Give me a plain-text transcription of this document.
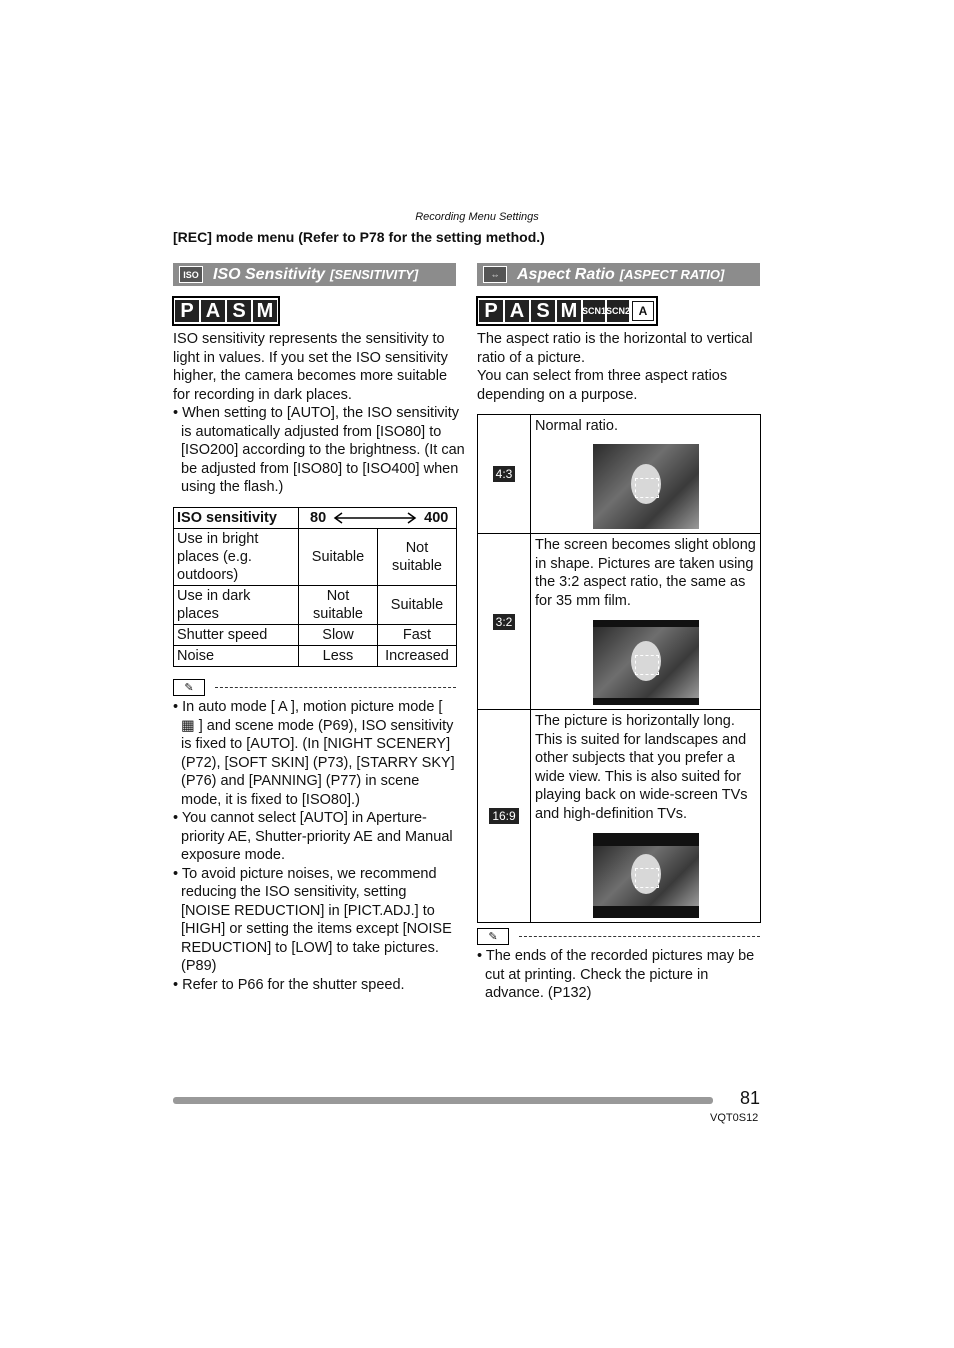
Recording Menu Settings
[REC] mode menu (Refer to P78 for the setting method.)
ISO ISO Sensitivity [SENSITIVITY]
P A S M
ISO sensitivity represents the sensitivity to light in values. If you set the ISO sensitivity higher, the camera becomes more suitable for recording in dark places.
• When setting to [AUTO], the ISO sensitivity is automatically adjusted from [ISO80] to [ISO200] according to the brightness. (It can be adjusted from [ISO80] to [ISO400] when using the flash.)
ISO sensitivity	80 400	

Use in bright places (e.g. outdoors)	Suitable	Not suitable
Use in dark places	Not suitable	Suitable
Shutter speed	Slow	Fast
Noise	Less	Increased
✎
• In auto mode [ A ], motion picture mode [ ▦ ] and scene mode (P69), ISO sensitivity is fixed to [AUTO]. (In [NIGHT SCENERY] (P72), [SOFT SKIN] (P73), [STARRY SKY] (P76) and [PANNING] (P77) in scene mode, it is fixed to [ISO80].)
• You cannot select [AUTO] in Aperture-priority AE, Shutter-priority AE and Manual exposure mode.
• To avoid picture noises, we recommend reducing the ISO sensitivity, setting [NOISE REDUCTION] in [PICT.ADJ.] to [HIGH] or setting the items except [NOISE REDUCTION] to [LOW] to take pictures. (P89)
• Refer to P66 for the shutter speed.
⇔	Aspect Ratio [ASPECT RATIO]
P A S M SCN1 SCN2 A
The aspect ratio is the horizontal to vertical ratio of a picture.
You can select from three aspect ratios depending on a purpose.
4:3	Normal ratio.

3:2	The screen becomes slight oblong in shape. Pictures are taken using the 3:2 aspect ratio, the same as for 35 mm film.

16:9	The picture is horizontally long. This is suited for landscapes and other subjects that you prefer a wide view. This is also suited for playing back on wide-screen TVs and high-definition TVs.
✎
• The ends of the recorded pictures may be cut at printing. Check the picture in advance. (P132)
81
VQT0S12
